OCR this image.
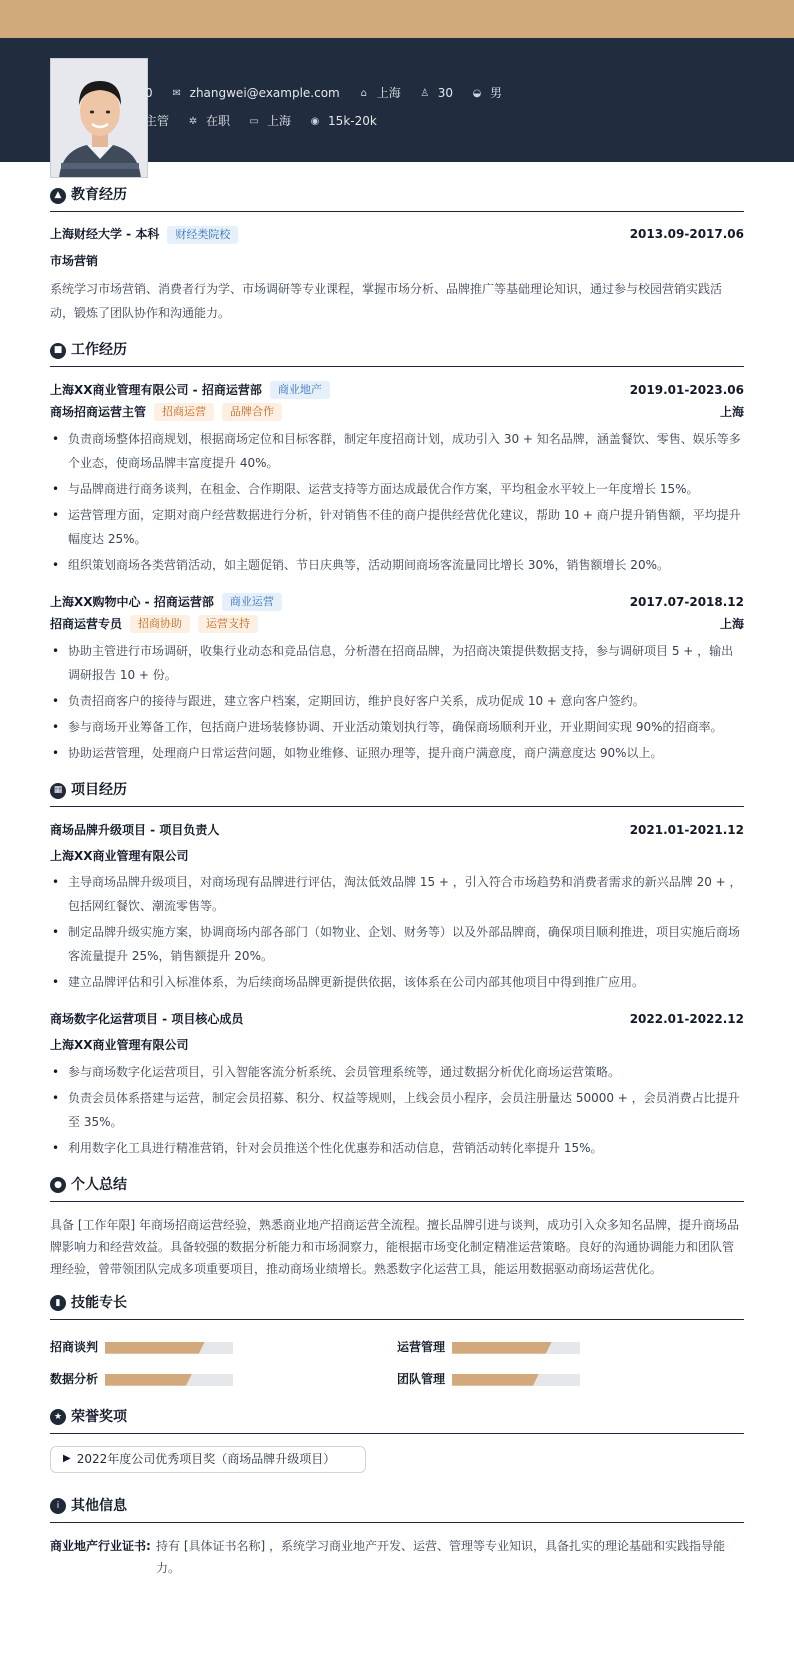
0 ✉ zhangwei@example.com ⌂ 上海 ♙ 30 ◒ 男
主管 ✲ 在职 ▭ 上海 ◉ 15k-20k
▲ 教育经历
上海财经大学 - 本科	财经类院校	2013.09-2017.06
市场营销
系统学习市场营销、消费者行为学、市场调研等专业课程，掌握市场分析、品牌推广等基础理论知识，通过参与校园营销实践活动，锻炼了团队协作和沟通能力。
■ 工作经历
上海XX商业管理有限公司 - 招商运营部	商业地产	2019.01-2023.06
商场招商运营主管	招商运营	品牌合作	上海
• 负责商场整体招商规划，根据商场定位和目标客群，制定年度招商计划，成功引入 30 + 知名品牌，涵盖餐饮、零售、娱乐等多个业态，使商场品牌丰富度提升 40%。
• 与品牌商进行商务谈判，在租金、合作期限、运营支持等方面达成最优合作方案，平均租金水平较上一年度增长 15%。
• 运营管理方面，定期对商户经营数据进行分析，针对销售不佳的商户提供经营优化建议，帮助 10 + 商户提升销售额，平均提升幅度达 25%。
• 组织策划商场各类营销活动，如主题促销、节日庆典等，活动期间商场客流量同比增长 30%，销售额增长 20%。
上海XX购物中心 - 招商运营部	商业运营	2017.07-2018.12
招商运营专员	招商协助	运营支持	上海
• 协助主管进行市场调研，收集行业动态和竞品信息，分析潜在招商品牌，为招商决策提供数据支持，参与调研项目 5 + ，输出调研报告 10 + 份。
• 负责招商客户的接待与跟进，建立客户档案，定期回访，维护良好客户关系，成功促成 10 + 意向客户签约。
• 参与商场开业筹备工作，包括商户进场装修协调、开业活动策划执行等，确保商场顺利开业，开业期间实现 90%的招商率。
• 协助运营管理，处理商户日常运营问题，如物业维修、证照办理等，提升商户满意度，商户满意度达 90%以上。
▦ 项目经历
商场品牌升级项目 - 项目负责人	2021.01-2021.12
上海XX商业管理有限公司
• 主导商场品牌升级项目，对商场现有品牌进行评估，淘汰低效品牌 15 + ，引入符合市场趋势和消费者需求的新兴品牌 20 + ，包括网红餐饮、潮流零售等。
• 制定品牌升级实施方案，协调商场内部各部门（如物业、企划、财务等）以及外部品牌商，确保项目顺利推进，项目实施后商场客流量提升 25%，销售额提升 20%。
• 建立品牌评估和引入标准体系，为后续商场品牌更新提供依据，该体系在公司内部其他项目中得到推广应用。
商场数字化运营项目 - 项目核心成员	2022.01-2022.12
上海XX商业管理有限公司
• 参与商场数字化运营项目，引入智能客流分析系统、会员管理系统等，通过数据分析优化商场运营策略。
• 负责会员体系搭建与运营，制定会员招募、积分、权益等规则，上线会员小程序，会员注册量达 50000 + ，会员消费占比提升至 35%。
• 利用数字化工具进行精准营销，针对会员推送个性化优惠券和活动信息，营销活动转化率提升 15%。
● 个人总结
具备 [工作年限] 年商场招商运营经验，熟悉商业地产招商运营全流程。擅长品牌引进与谈判，成功引入众多知名品牌，提升商场品牌影响力和经营效益。具备较强的数据分析能力和市场洞察力，能根据市场变化制定精准运营策略。良好的沟通协调能力和团队管理经验，曾带领团队完成多项重要项目，推动商场业绩增长。熟悉数字化运营工具，能运用数据驱动商场运营优化。
▮ 技能专长
招商谈判	运营管理
数据分析	团队管理
★ 荣誉奖项
▶ 2022年度公司优秀项目奖（商场品牌升级项目）
i 其他信息
商业地产行业证书: 持有 [具体证书名称] ，系统学习商业地产开发、运营、管理等专业知识，具备扎实的理论基础和实践指导能力。
